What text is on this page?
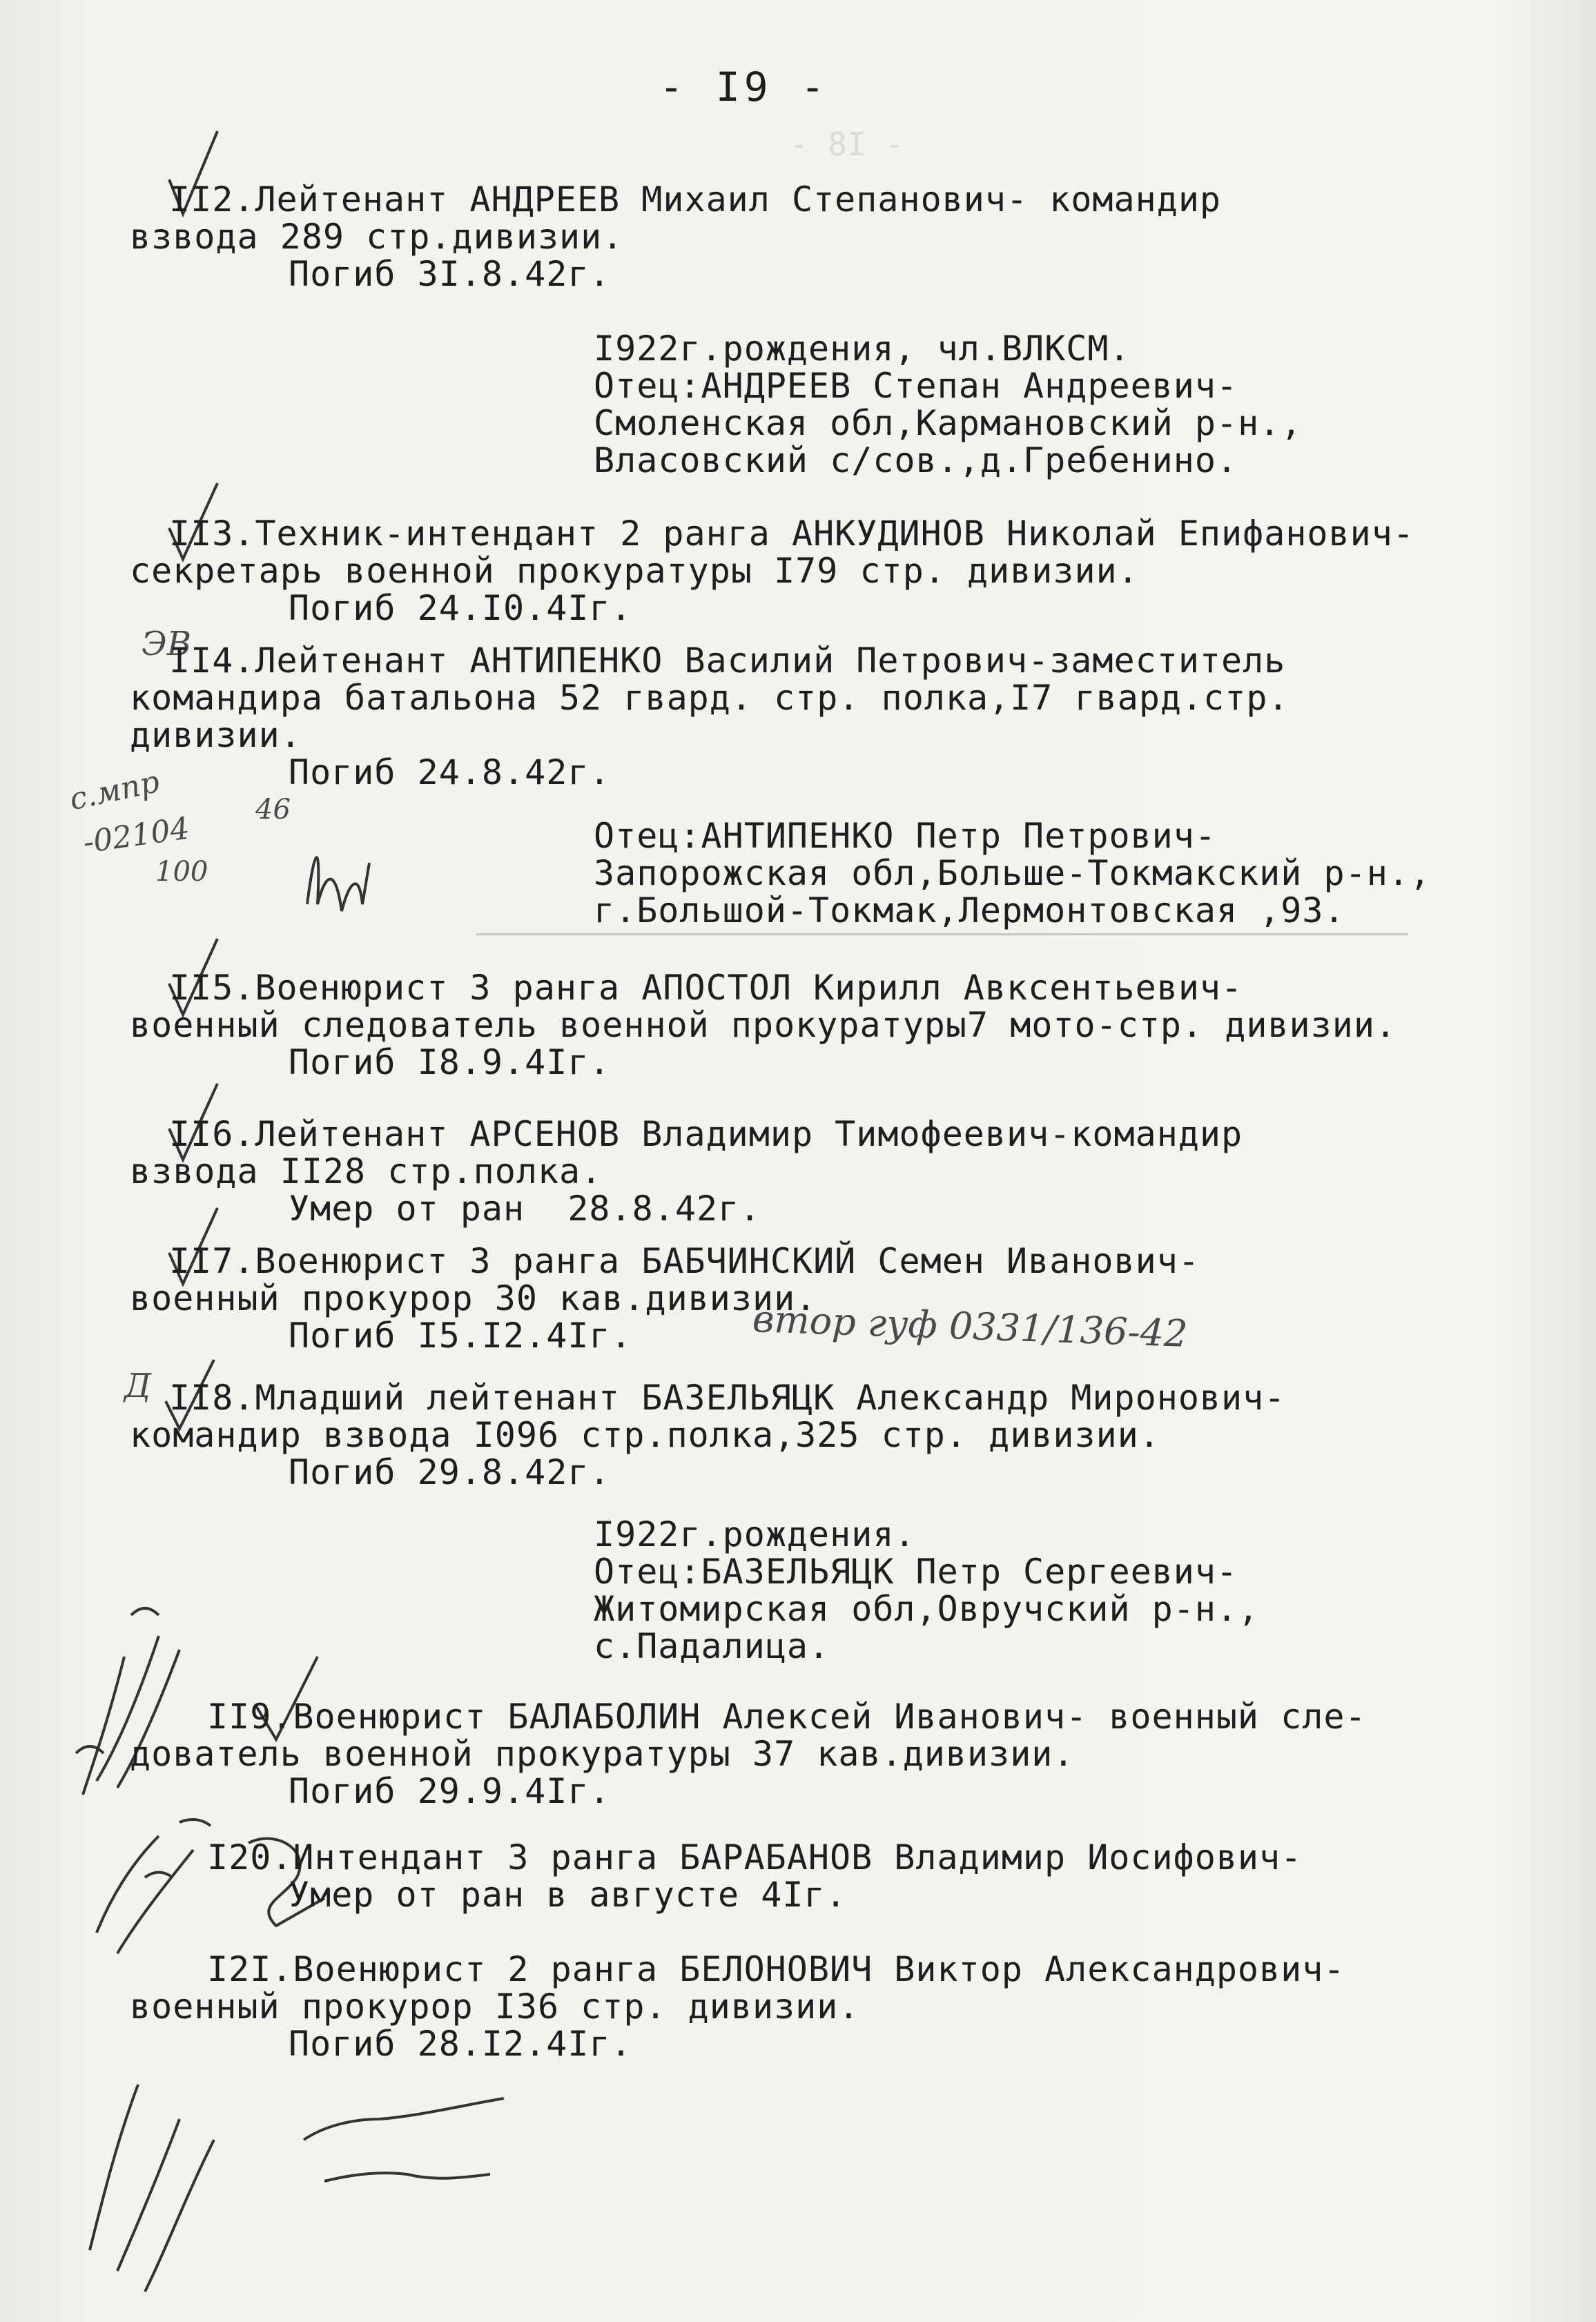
- I8 -
- I9 -
II2.Лейтенант АНДРЕЕВ Михаил Степанович- командир
взвода 289 стр.дивизии.
Погиб 3I.8.42г.
I922г.рождения, чл.ВЛКСМ.
Отец:АНДРЕЕВ Степан Андреевич-
Смоленская обл,Кармановский р-н.,
Власовский с/сов.,д.Гребенино.
II3.Техник-интендант 2 ранга АНКУДИНОВ Николай Епифанович-
секретарь военной прокуратуры I79 стр. дивизии.
Погиб 24.I0.4Iг.
ЭВ
II4.Лейтенант АНТИПЕНКО Василий Петрович-заместитель
командира батальона 52 гвард. стр. полка,I7 гвард.стр.
дивизии.
Погиб 24.8.42г.
с.мпр
-02104
46
100
Отец:АНТИПЕНКО Петр Петрович-
Запорожская обл,Больше-Токмакский р-н.,
г.Большой-Токмак,Лермонтовская ,93.
II5.Военюрист 3 ранга АПОСТОЛ Кирилл Авксентьевич-
военный следователь военной прокуратуры7 мото-стр. дивизии.
Погиб I8.9.4Iг.
II6.Лейтенант АРСЕНОВ Владимир Тимофеевич-командир
взвода II28 стр.полка.
Умер от ран  28.8.42г.
II7.Военюрист 3 ранга БАБЧИНСКИЙ Семен Иванович-
военный прокурор 30 кав.дивизии.
Погиб I5.I2.4Iг.	втор гуф 0331/136-42
Д II8.Младший лейтенант БАЗЕЛЬЯЦК Александр Миронович-
командир взвода I096 стр.полка,325 стр. дивизии.
Погиб 29.8.42г.
I922г.рождения.
Отец:БАЗЕЛЬЯЦК Петр Сергеевич-
Житомирская обл,Овручский р-н.,
с.Падалица.
II9.Военюрист БАЛАБОЛИН Алексей Иванович- военный сле-
дователь военной прокуратуры 37 кав.дивизии.
Погиб 29.9.4Iг.
I20.Интендант 3 ранга БАРАБАНОВ Владимир Иосифович-
Умер от ран в августе 4Iг.
I2I.Военюрист 2 ранга БЕЛОНОВИЧ Виктор Александрович-
военный прокурор I36 стр. дивизии.
Погиб 28.I2.4Iг.
